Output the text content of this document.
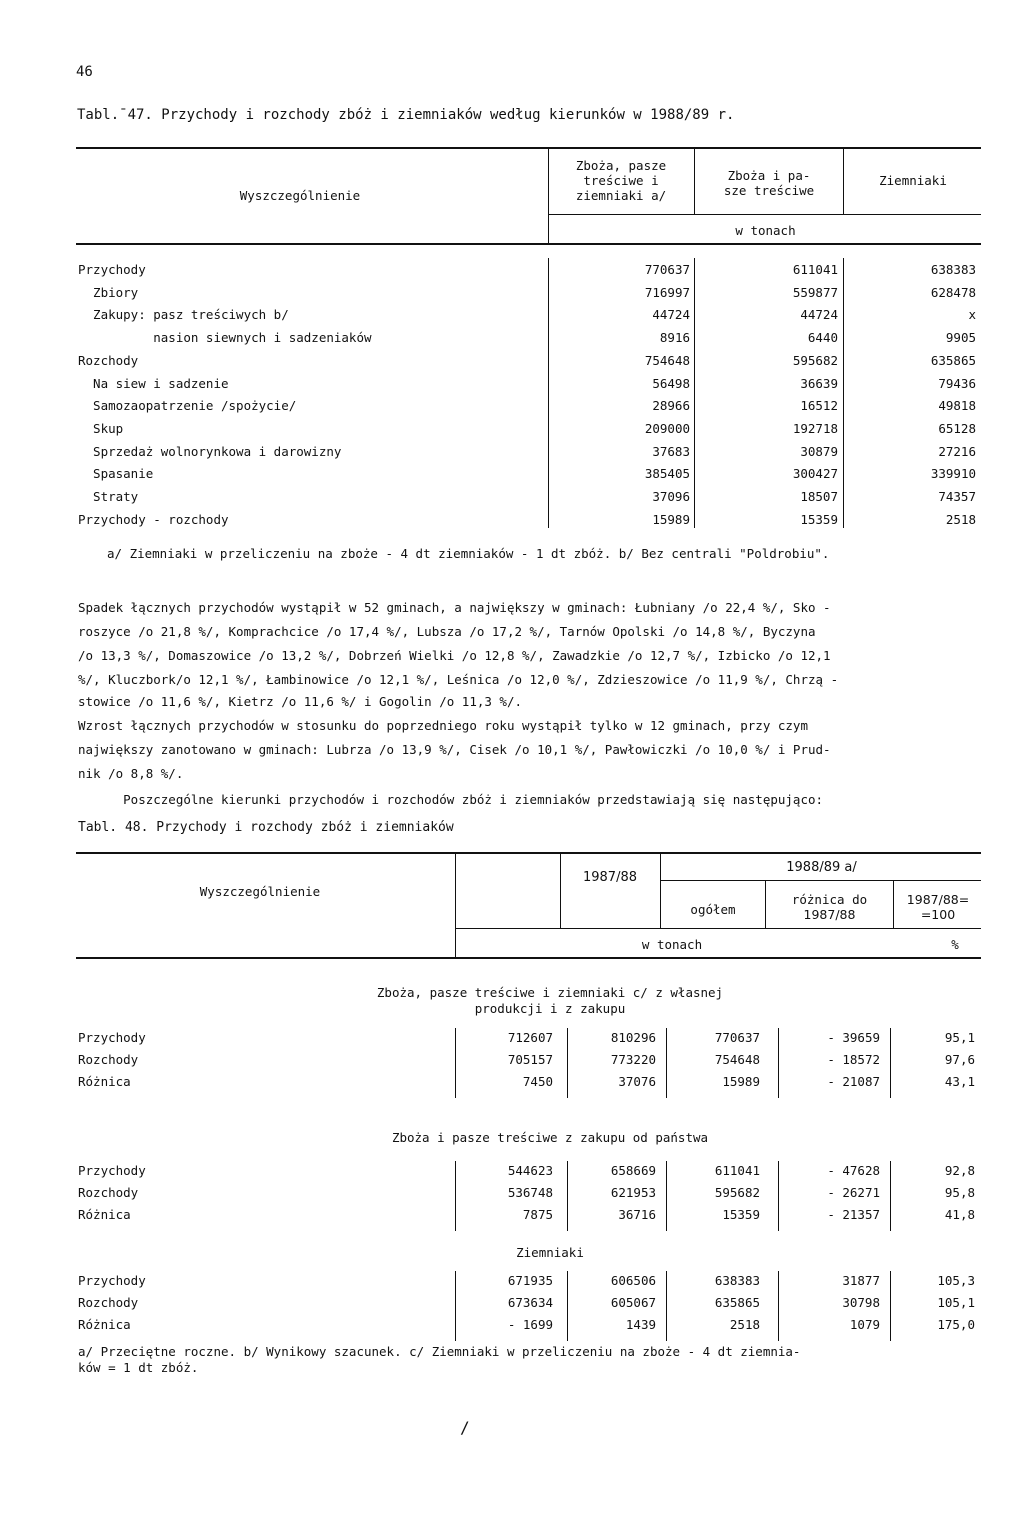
46
Tabl.¯47. Przychody i rozchody zbóż i ziemniaków według kierunków w 1988/89 r.
Wyszczególnienie
Zboża, pasze
treściwe i
ziemniaki a/
Zboża i pa-
sze treściwe
Ziemniaki
w tonach
Przychody	770637	611041	638383
Zbiory	716997	559877	628478
Zakupy: pasz treściwych b/	44724	44724	x
nasion siewnych i sadzeniaków	8916	6440	9905
Rozchody	754648	595682	635865
Na siew i sadzenie	56498	36639	79436
Samozaopatrzenie /spożycie/	28966	16512	49818
Skup	209000	192718	65128
Sprzedaż wolnorynkowa i darowizny	37683	30879	27216
Spasanie	385405	300427	339910
Straty	37096	18507	74357
Przychody - rozchody	15989	15359	2518
a/ Ziemniaki w przeliczeniu na zboże - 4 dt ziemniaków - 1 dt zbóż. b/ Bez centrali "Poldrobiu".
Spadek łącznych przychodów wystąpił w 52 gminach, a największy w gminach: Łubniany /o 22,4 %/, Sko -
roszyce /o 21,8 %/, Komprachcice /o 17,4 %/, Lubsza /o 17,2 %/, Tarnów Opolski /o 14,8 %/, Byczyna
/o 13,3 %/, Domaszowice /o 13,2 %/, Dobrzeń Wielki /o 12,8 %/, Zawadzkie /o 12,7 %/, Izbicko /o 12,1
%/, Kluczbork/o 12,1 %/, Łambinowice /o 12,1 %/, Leśnica /o 12,0 %/, Zdzieszowice /o 11,9 %/, Chrzą -
stowice /o 11,6 %/, Kietrz /o 11,6 %/ i Gogolin /o 11,3 %/.
Wzrost łącznych przychodów w stosunku do poprzedniego roku wystąpił tylko w 12 gminach, przy czym
największy zanotowano w gminach: Lubrza /o 13,9 %/, Cisek /o 10,1 %/, Pawłowiczki /o 10,0 %/ i Prud-
nik /o 8,8 %/.
Poszczególne kierunki przychodów i rozchodów zbóż i ziemniaków przedstawiają się następująco:
Tabl. 48. Przychody i rozchody zbóż i ziemniaków
Wyszczególnienie
1987/88
1988/89 a/
ogółem
różnica do
1987/88
1987/88=
=100
w tonach	%
Zboża, pasze treściwe i ziemniaki c/ z własnej
produkcji i z zakupu
Przychody	712607	810296	770637	- 39659	95,1
Rozchody	705157	773220	754648	- 18572	97,6
Różnica	7450	37076	15989	- 21087	43,1
Zboża i pasze treściwe z zakupu od państwa
Przychody	544623	658669	611041	- 47628	92,8
Rozchody	536748	621953	595682	- 26271	95,8
Różnica	7875	36716	15359	- 21357	41,8
Ziemniaki
Przychody	671935	606506	638383	31877	105,3
Rozchody	673634	605067	635865	30798	105,1
Różnica	- 1699	1439	2518	1079	175,0
a/ Przeciętne roczne. b/ Wynikowy szacunek. c/ Ziemniaki w przeliczeniu na zboże - 4 dt ziemnia-
ków = 1 dt zbóż.
/
